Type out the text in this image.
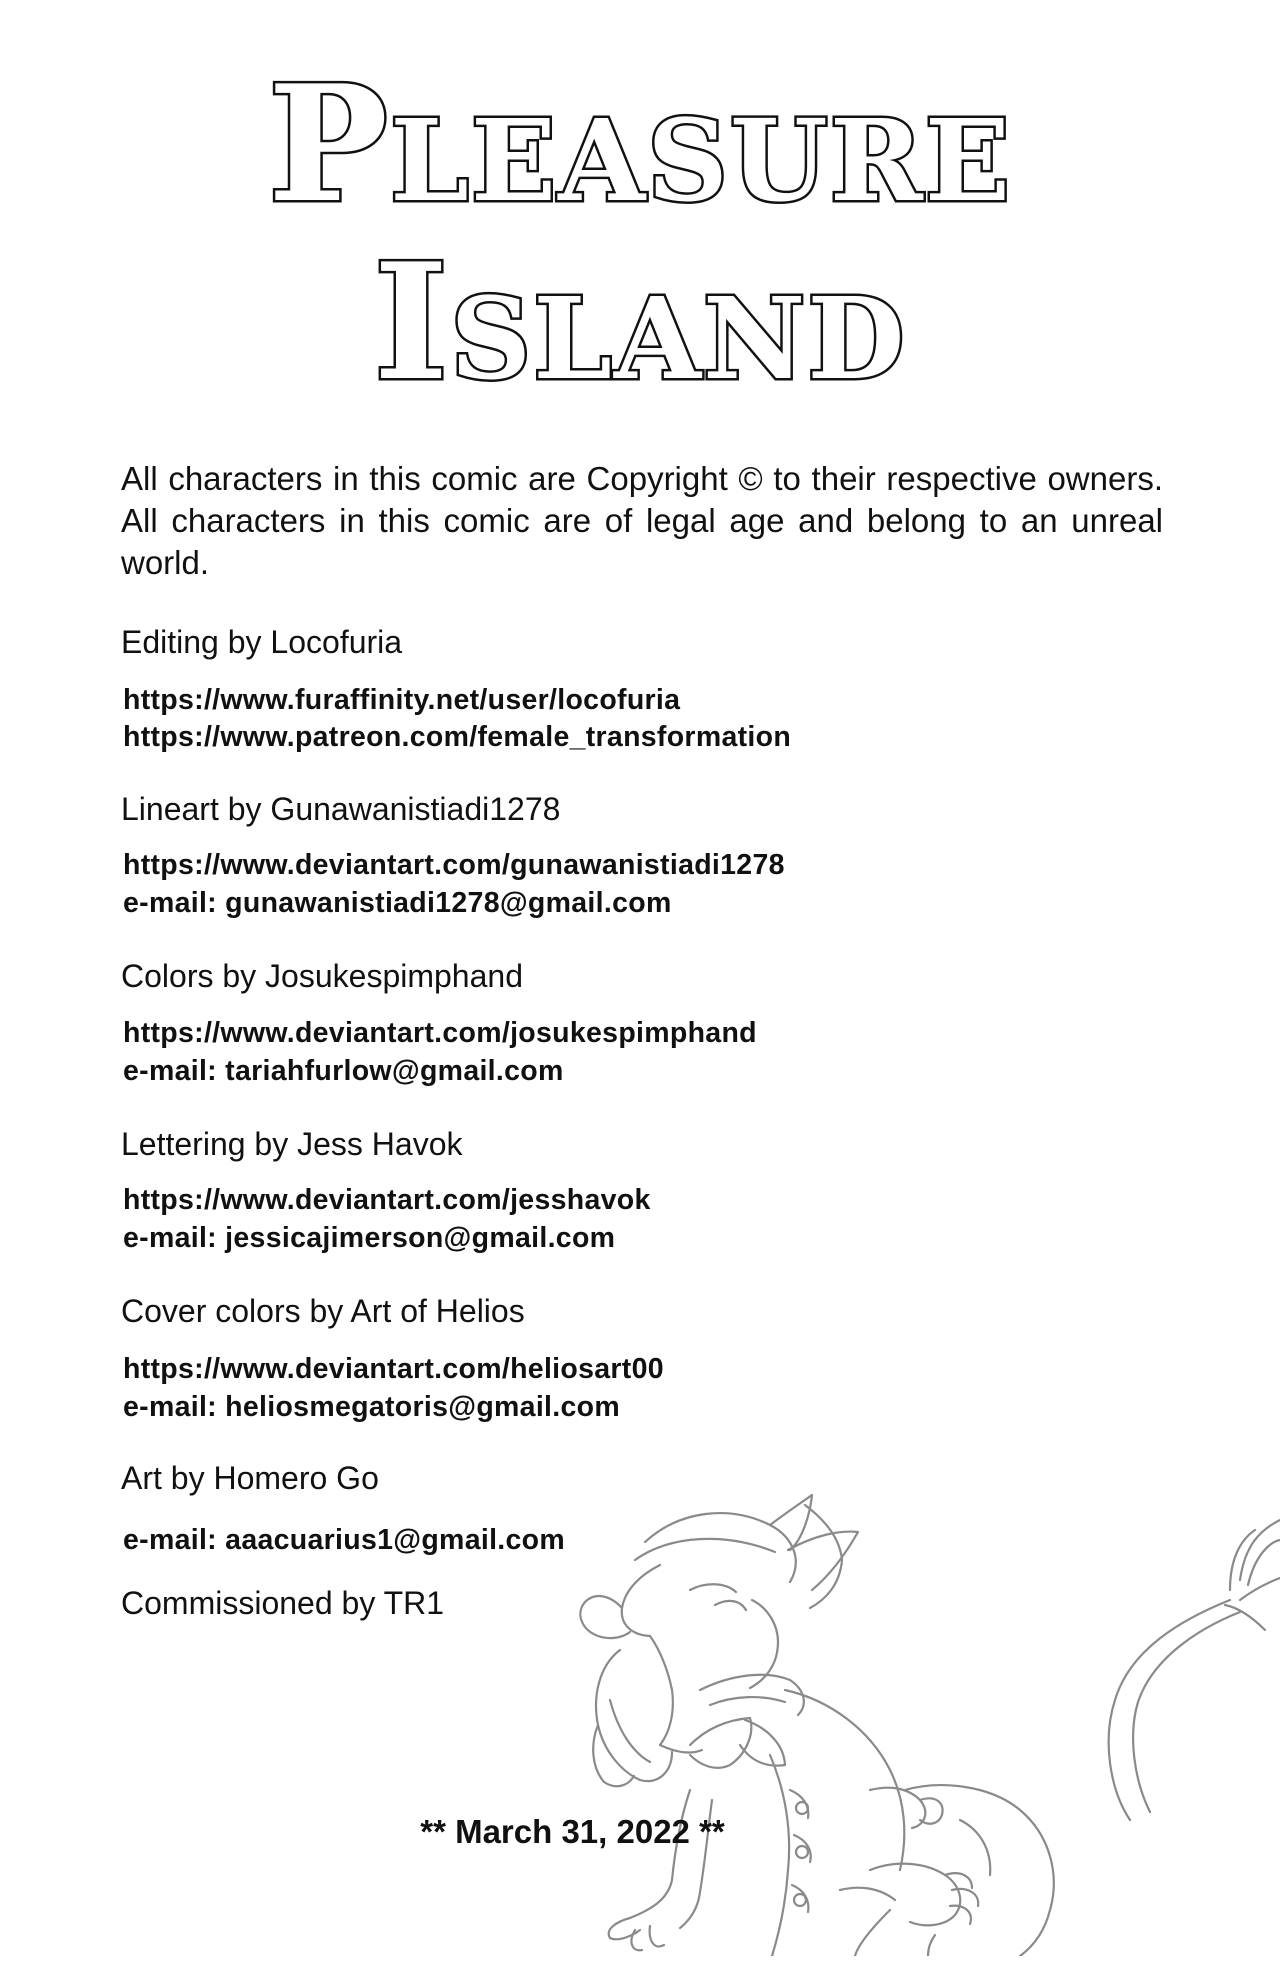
PLEASURE
ISLAND
All characters in this comic are Copyright © to their respective owners. All characters in this comic are of legal age and belong to an unreal world.
Editing by Locofuria
https://www.furaffinity.net/user/locofuria
https://www.patreon.com/female_transformation
Lineart by Gunawanistiadi1278
https://www.deviantart.com/gunawanistiadi1278
e-mail: gunawanistiadi1278@gmail.com
Colors by Josukespimphand
https://www.deviantart.com/josukespimphand
e-mail: tariahfurlow@gmail.com
Lettering by Jess Havok
https://www.deviantart.com/jesshavok
e-mail: jessicajimerson@gmail.com
Cover colors by Art of Helios
https://www.deviantart.com/heliosart00
e-mail: heliosmegatoris@gmail.com
Art by Homero Go
e-mail: aaacuarius1@gmail.com
Commissioned by TR1
** March 31, 2022 **
